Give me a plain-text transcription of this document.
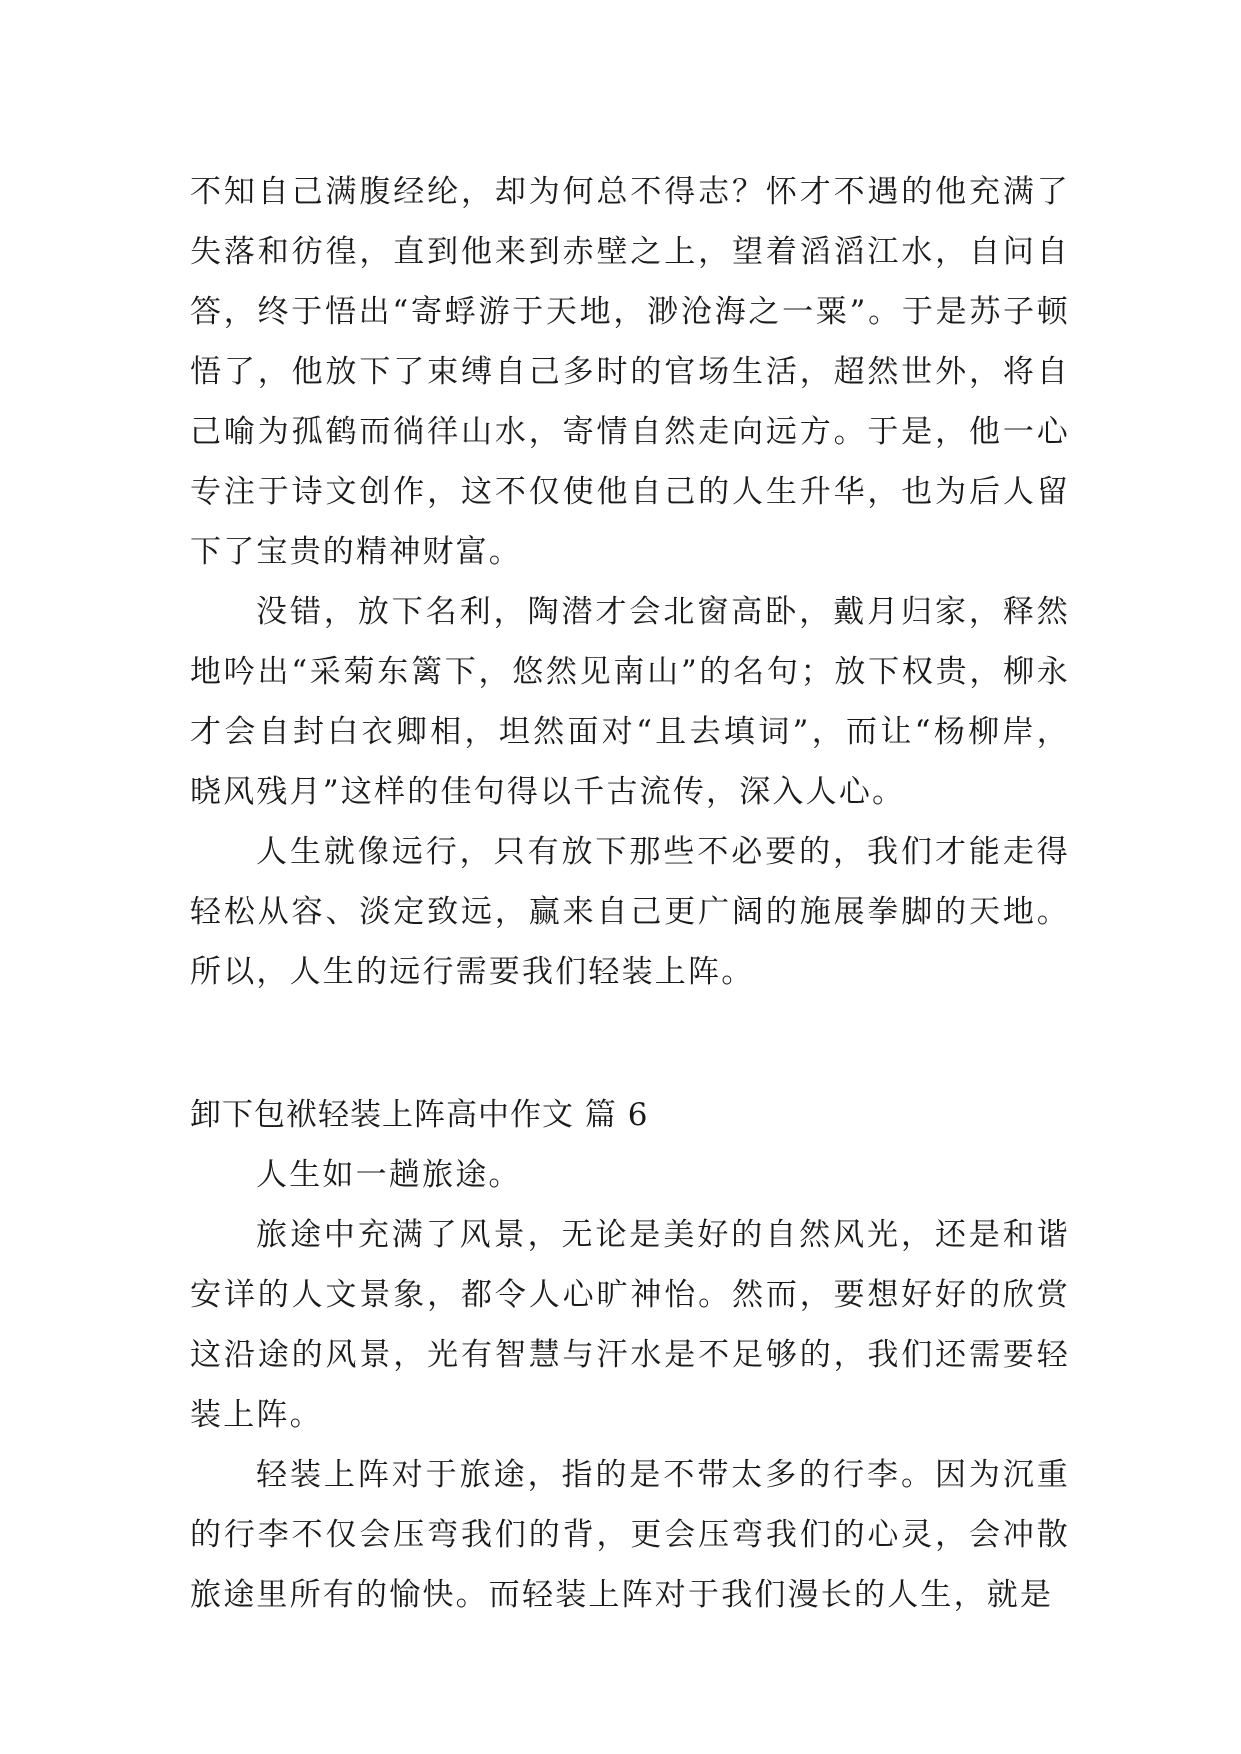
不知自己满腹经纶，却为何总不得志？怀才不遇的他充满了失落和彷徨，直到他来到赤壁之上，望着滔滔江水，自问自答，终于悟出“寄蜉游于天地，渺沧海之一粟”。于是苏子顿悟了，他放下了束缚自己多时的官场生活，超然世外，将自己喻为孤鹤而徜徉山水，寄情自然走向远方。于是，他一心专注于诗文创作，这不仅使他自己的人生升华，也为后人留下了宝贵的精神财富。

没错，放下名利，陶潜才会北窗高卧，戴月归家，释然地吟出“采菊东篱下，悠然见南山”的名句；放下权贵，柳永才会自封白衣卿相，坦然面对“且去填词”，而让“杨柳岸，晓风残月”这样的佳句得以千古流传，深入人心。

人生就像远行，只有放下那些不必要的，我们才能走得轻松从容、淡定致远，赢来自己更广阔的施展拳脚的天地。所以，人生的远行需要我们轻装上阵。

卸下包袱轻装上阵高中作文 篇 6

人生如一趟旅途。

旅途中充满了风景，无论是美好的自然风光，还是和谐安详的人文景象，都令人心旷神怡。然而，要想好好的欣赏这沿途的风景，光有智慧与汗水是不足够的，我们还需要轻装上阵。

轻装上阵对于旅途，指的是不带太多的行李。因为沉重的行李不仅会压弯我们的背，更会压弯我们的心灵，会冲散旅途里所有的愉快。而轻装上阵对于我们漫长的人生，就是
